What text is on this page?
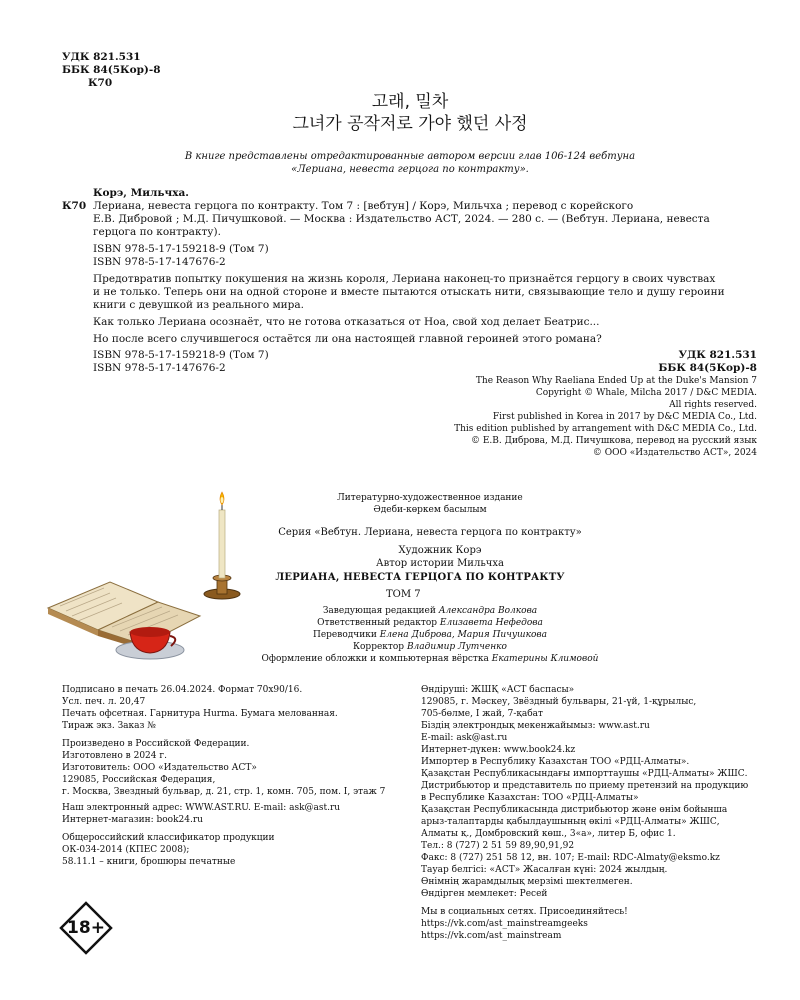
УДК 821.531
ББК 84(5Кор)-8
К70
고래, 밀차
그녀가 공작저로 가야 했던 사정
В книге представлены отредактированные автором версии глав 106-124 вебтуна
«Лериана, невеста герцога по контракту».
Корэ, Мильчха.
К70 Лериана, невеста герцога по контракту. Том 7 : [вебтун] / Корэ, Мильчха ; перевод с корейского
Е.В. Дибровой ; М.Д. Пичушковой. — Москва : Издательство АСТ, 2024. — 280 с. — (Вебтун. Лериана, невеста
герцога по контракту).
ISBN 978-5-17-159218-9 (Том 7)
ISBN 978-5-17-147676-2
Предотвратив попытку покушения на жизнь короля, Лериана наконец-то признаётся герцогу в своих чувствах
и не только. Теперь они на одной стороне и вместе пытаются отыскать нити, связывающие тело и душу героини
книги с девушкой из реального мира.
Как только Лериана осознаёт, что не готова отказаться от Ноа, свой ход делает Беатрис...
Но после всего случившегося остаётся ли она настоящей главной героиней этого романа?
ISBN 978-5-17-159218-9 (Том 7)
ISBN 978-5-17-147676-2
УДК 821.531
ББК 84(5Кор)-8
The Reason Why Raeliana Ended Up at the Duke's Mansion 7
Copyright © Whale, Milcha 2017 / D&C MEDIA.
All rights reserved.
First published in Korea in 2017 by D&C MEDIA Co., Ltd.
This edition published by arrangement with D&C MEDIA Co., Ltd.
© Е.В. Диброва, М.Д. Пичушкова, перевод на русский язык
© ООО «Издательство АСТ», 2024
Литературно-художественное издание
Әдеби-көркем басылым
Серия «Вебтун. Лериана, невеста герцога по контракту»
Художник Корэ
Автор истории Мильчха
ЛЕРИАНА, НЕВЕСТА ГЕРЦОГА ПО КОНТРАКТУ
ТОМ 7
Заведующая редакцией Александра Волкова
Ответственный редактор Елизавета Нефедова
Переводчики Елена Диброва, Мария Пичушкова
Корректор Владимир Лутченко
Оформление обложки и компьютерная вёрстка Екатерины Климовой
Подписано в печать 26.04.2024. Формат 70x90/16.
Усл. печ. л. 20,47
Печать офсетная. Гарнитура Hurma. Бумага мелованная.
Тираж экз. Заказ №
Произведено в Российской Федерации.
Изготовлено в 2024 г.
Изготовитель: ООО «Издательство АСТ»
129085, Российская Федерация,
г. Москва, Звездный бульвар, д. 21, стр. 1, комн. 705, пом. I, этаж 7
Наш электронный адрес: WWW.AST.RU. E-mail: ask@ast.ru
Интернет-магазин: book24.ru
Общероссийский классификатор продукции
ОК-034-2014 (КПЕС 2008);
58.11.1 – книги, брошюры печатные
Өндіруші: ЖШҚ «АСТ баспасы»
129085, г. Мәскеу, Звёздный бульвары, 21-үй, 1-құрылыс,
705-бөлме, I жай, 7-қабат
Біздің электрондық мекенжайымыз: www.ast.ru
E-mail: ask@ast.ru
Интернет-дүкен: www.book24.kz
Импортер в Республику Казахстан ТОО «РДЦ-Алматы».
Қазақстан Республикасындағы импорттаушы «РДЦ-Алматы» ЖШС.
Дистрибьютор и представитель по приему претензий на продукцию
в Республике Казахстан: ТОО «РДЦ-Алматы»
Қазақстан Республикасында дистрибьютор және өнім бойынша
арыз-талаптарды қабылдаушының өкілі «РДЦ-Алматы» ЖШС,
Алматы қ., Домбровский көш., 3«а», литер Б, офис 1.
Тел.: 8 (727) 2 51 59 89,90,91,92
Факс: 8 (727) 251 58 12, вн. 107; E-mail: RDC-Almaty@eksmo.kz
Тауар белгісі: «АСТ» Жасалған күні: 2024 жылдың.
Өнімнің жарамдылық мерзімі шектелмеген.
Өндірген мемлекет: Ресей
Мы в социальных сетях. Присоединяйтесь!
https://vk.com/ast_mainstreamgeeks
https://vk.com/ast_mainstream
18+
